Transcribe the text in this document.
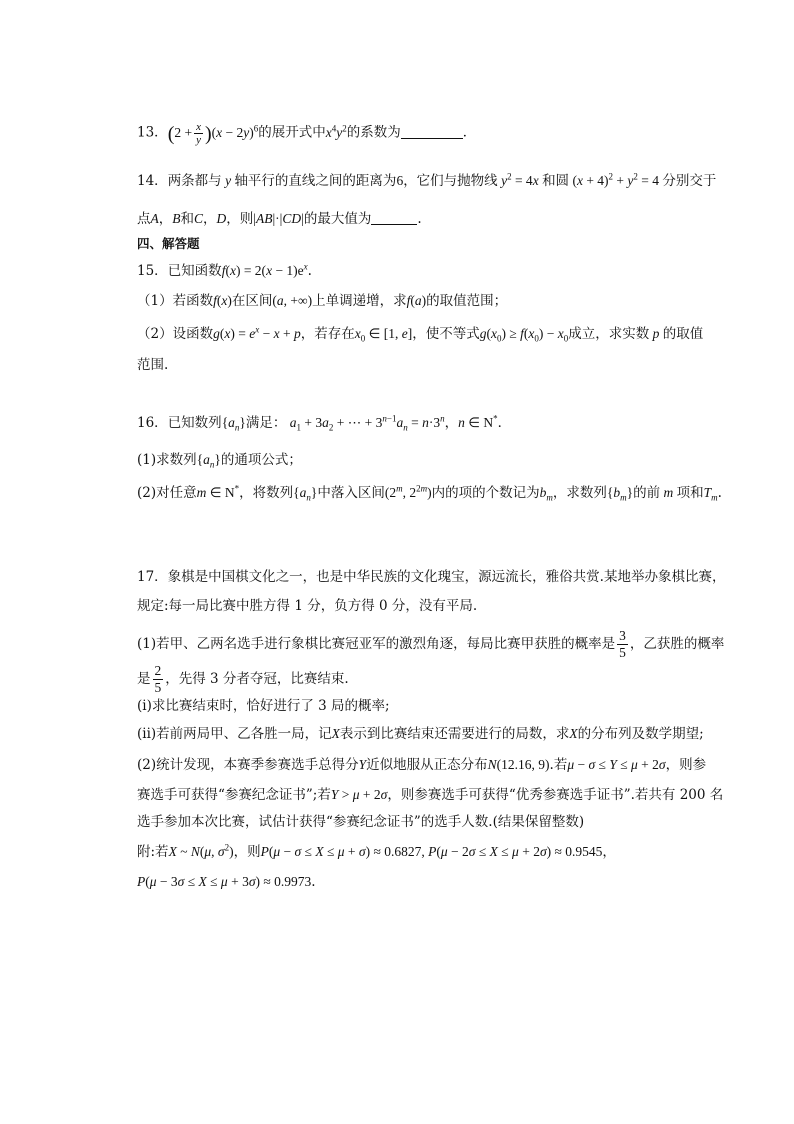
13．$(2 + \frac{x}{y} )(x - 2y)^6$的展开式中$x^4y^2$的系数为	．
14．两条都与 y 轴平行的直线之间的距离为6，它们与抛物线 $y^2 = 4x$ 和圆 $(x + 4)^2 + y^2 = 4$ 分别交于
点A，B和C，D，则|AB|·|CD|的最大值为	.
四、解答题
15．已知函数$f(x) = 2(x - 1)e^x$.
（1）若函数f(x)在区间(a, +∞)上单调递增，求f(a)的取值范围；
（2）设函数$g(x) = e^x - x + p$，若存在$x_0$ ∈ [1, e]，使不等式$g(x_0) \ge f(x_0) - x_0$成立，求实数 p 的取值
范围.
16．已知数列$\{a_n\}$满足： $a_1 + 3a_2$ + ⋯ + $3^{n-1}a_n = n\cdot 3^n$，n ∈ N*．
(1)求数列$\{a_n\}$的通项公式；
(2)对任意m ∈ N*，将数列$\{a_n\}$中落入区间(2$^m$, $2^{2m}$)内的项的个数记为$b_m$，求数列$\{b_m\}$的前 m 项和$T_m$.
17．象棋是中国棋文化之一，也是中华民族的文化瑰宝，源远流长，雅俗共赏.某地举办象棋比赛，
规定:每一局比赛中胜方得 1 分，负方得 0 分，没有平局.
(1)若甲、乙两名选手进行象棋比赛冠亚军的激烈角逐，每局比赛甲获胜的概率是 $\frac{3}{5}$ ，乙获胜的概率
是 $\frac{2}{5}$ ，先得 3 分者夺冠，比赛结束.
(i)求比赛结束时，恰好进行了 3 局的概率;
(ii)若前两局甲、乙各胜一局，记X表示到比赛结束还需要进行的局数，求X的分布列及数学期望;
(2)统计发现，本赛季参赛选手总得分Y近似地服从正态分布N(12.16, 9).若μ − σ ≤ Y ≤ μ + 2σ，则参
赛选手可获得“参赛纪念证书”;若Y > μ + 2σ，则参赛选手可获得“优秀参赛选手证书”.若共有 200 名
选手参加本次比赛，试估计获得“参赛纪念证书”的选手人数.(结果保留整数)
附:若X ~ N(μ, $\sigma^2$)，则P(μ − σ ≤ X ≤ μ + σ) ≈ 0.6827, P(μ − 2σ ≤ X ≤ μ + 2σ) ≈ 0.9545，
P(μ − 3σ ≤ X ≤ μ + 3σ) ≈ 0.9973.
